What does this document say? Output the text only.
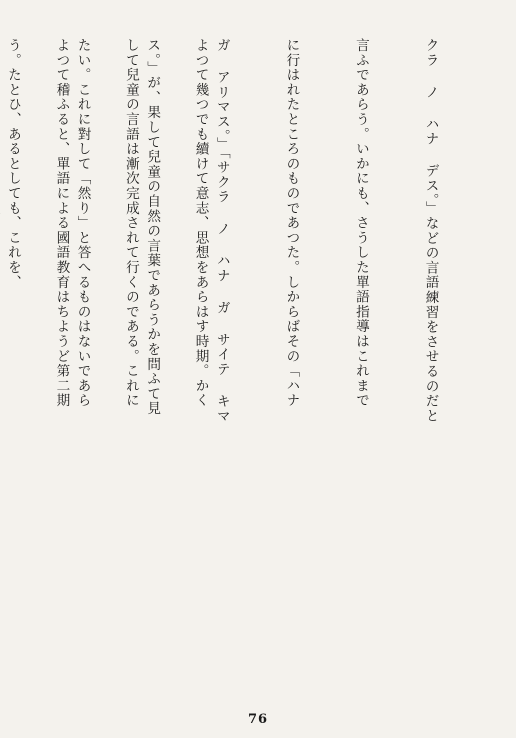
クラ ノ ハナ デス。」などの言語練習をさせるのだと

言ふであらう。いかにも、さうした單語指導はこれまで

に行はれたところのものであつた。しからばその「ハナ

ガ アリマス。」「サクラ ノ ハナ ガ サイテ キマ

ス。」が、果して兒童の自然の言葉であらうかを問ふて見

たい。これに對して「然り」と答へるものはないであら

う。たとひ、あるとしても、これを、

	よつて幾つでも續けて意志、思想をあらはす時期。かく

して兒童の言語は漸次完成されて行くのである。これに

よつて稽ふると、單語による國語教育はちようど第二期

76
